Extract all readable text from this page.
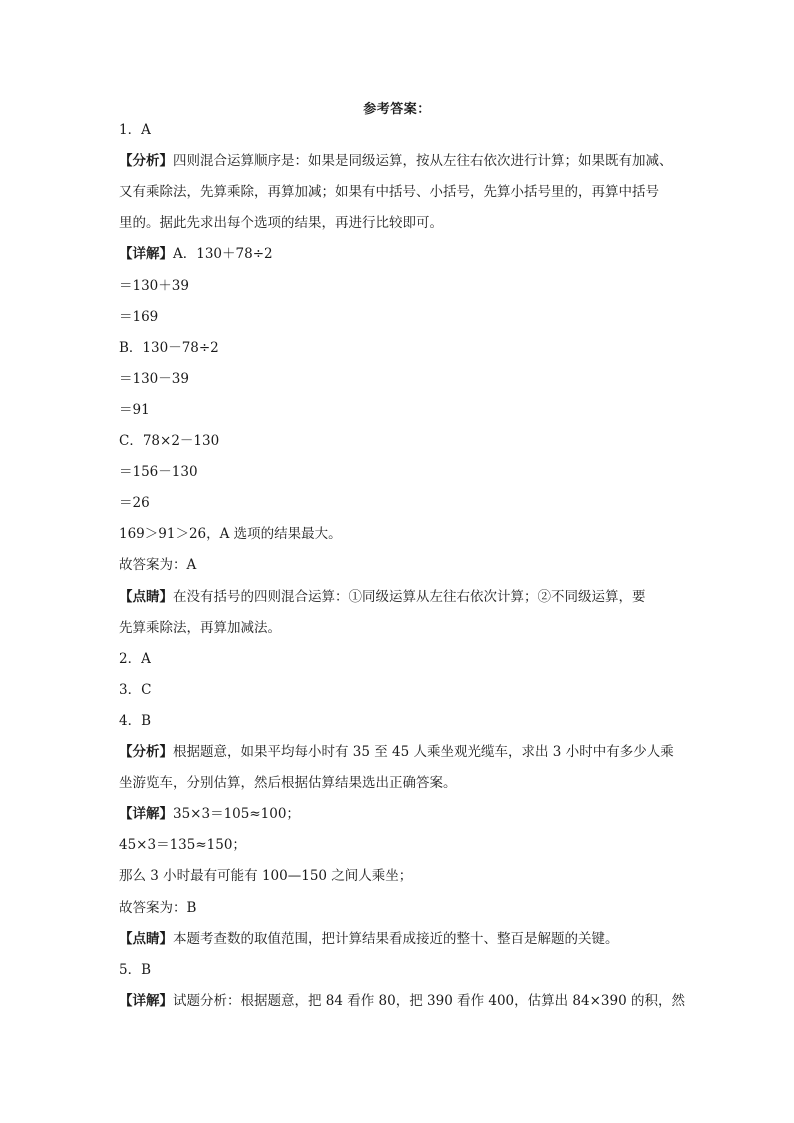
参考答案：
1．A
【分析】四则混合运算顺序是：如果是同级运算，按从左往右依次进行计算；如果既有加减、
又有乘除法，先算乘除，再算加减；如果有中括号、小括号，先算小括号里的，再算中括号
里的。据此先求出每个选项的结果，再进行比较即可。
【详解】A．130＋78÷2
＝130＋39
＝169
B．130－78÷2
＝130－39
＝91
C．78×2－130
＝156－130
＝26
169＞91＞26，A 选项的结果最大。
故答案为：A
【点睛】在没有括号的四则混合运算：①同级运算从左往右依次计算；②不同级运算，要
先算乘除法，再算加减法。
2．A
3．C
4．B
【分析】根据题意，如果平均每小时有 35 至 45 人乘坐观光缆车，求出 3 小时中有多少人乘
坐游览车，分别估算，然后根据估算结果选出正确答案。
【详解】35×3＝105≈100；
45×3＝135≈150；
那么 3 小时最有可能有 100—150 之间人乘坐；
故答案为：B
【点睛】本题考查数的取值范围，把计算结果看成接近的整十、整百是解题的关键。
5．B
【详解】试题分析：根据题意，把 84 看作 80，把 390 看作 400，估算出 84×390 的积，然
